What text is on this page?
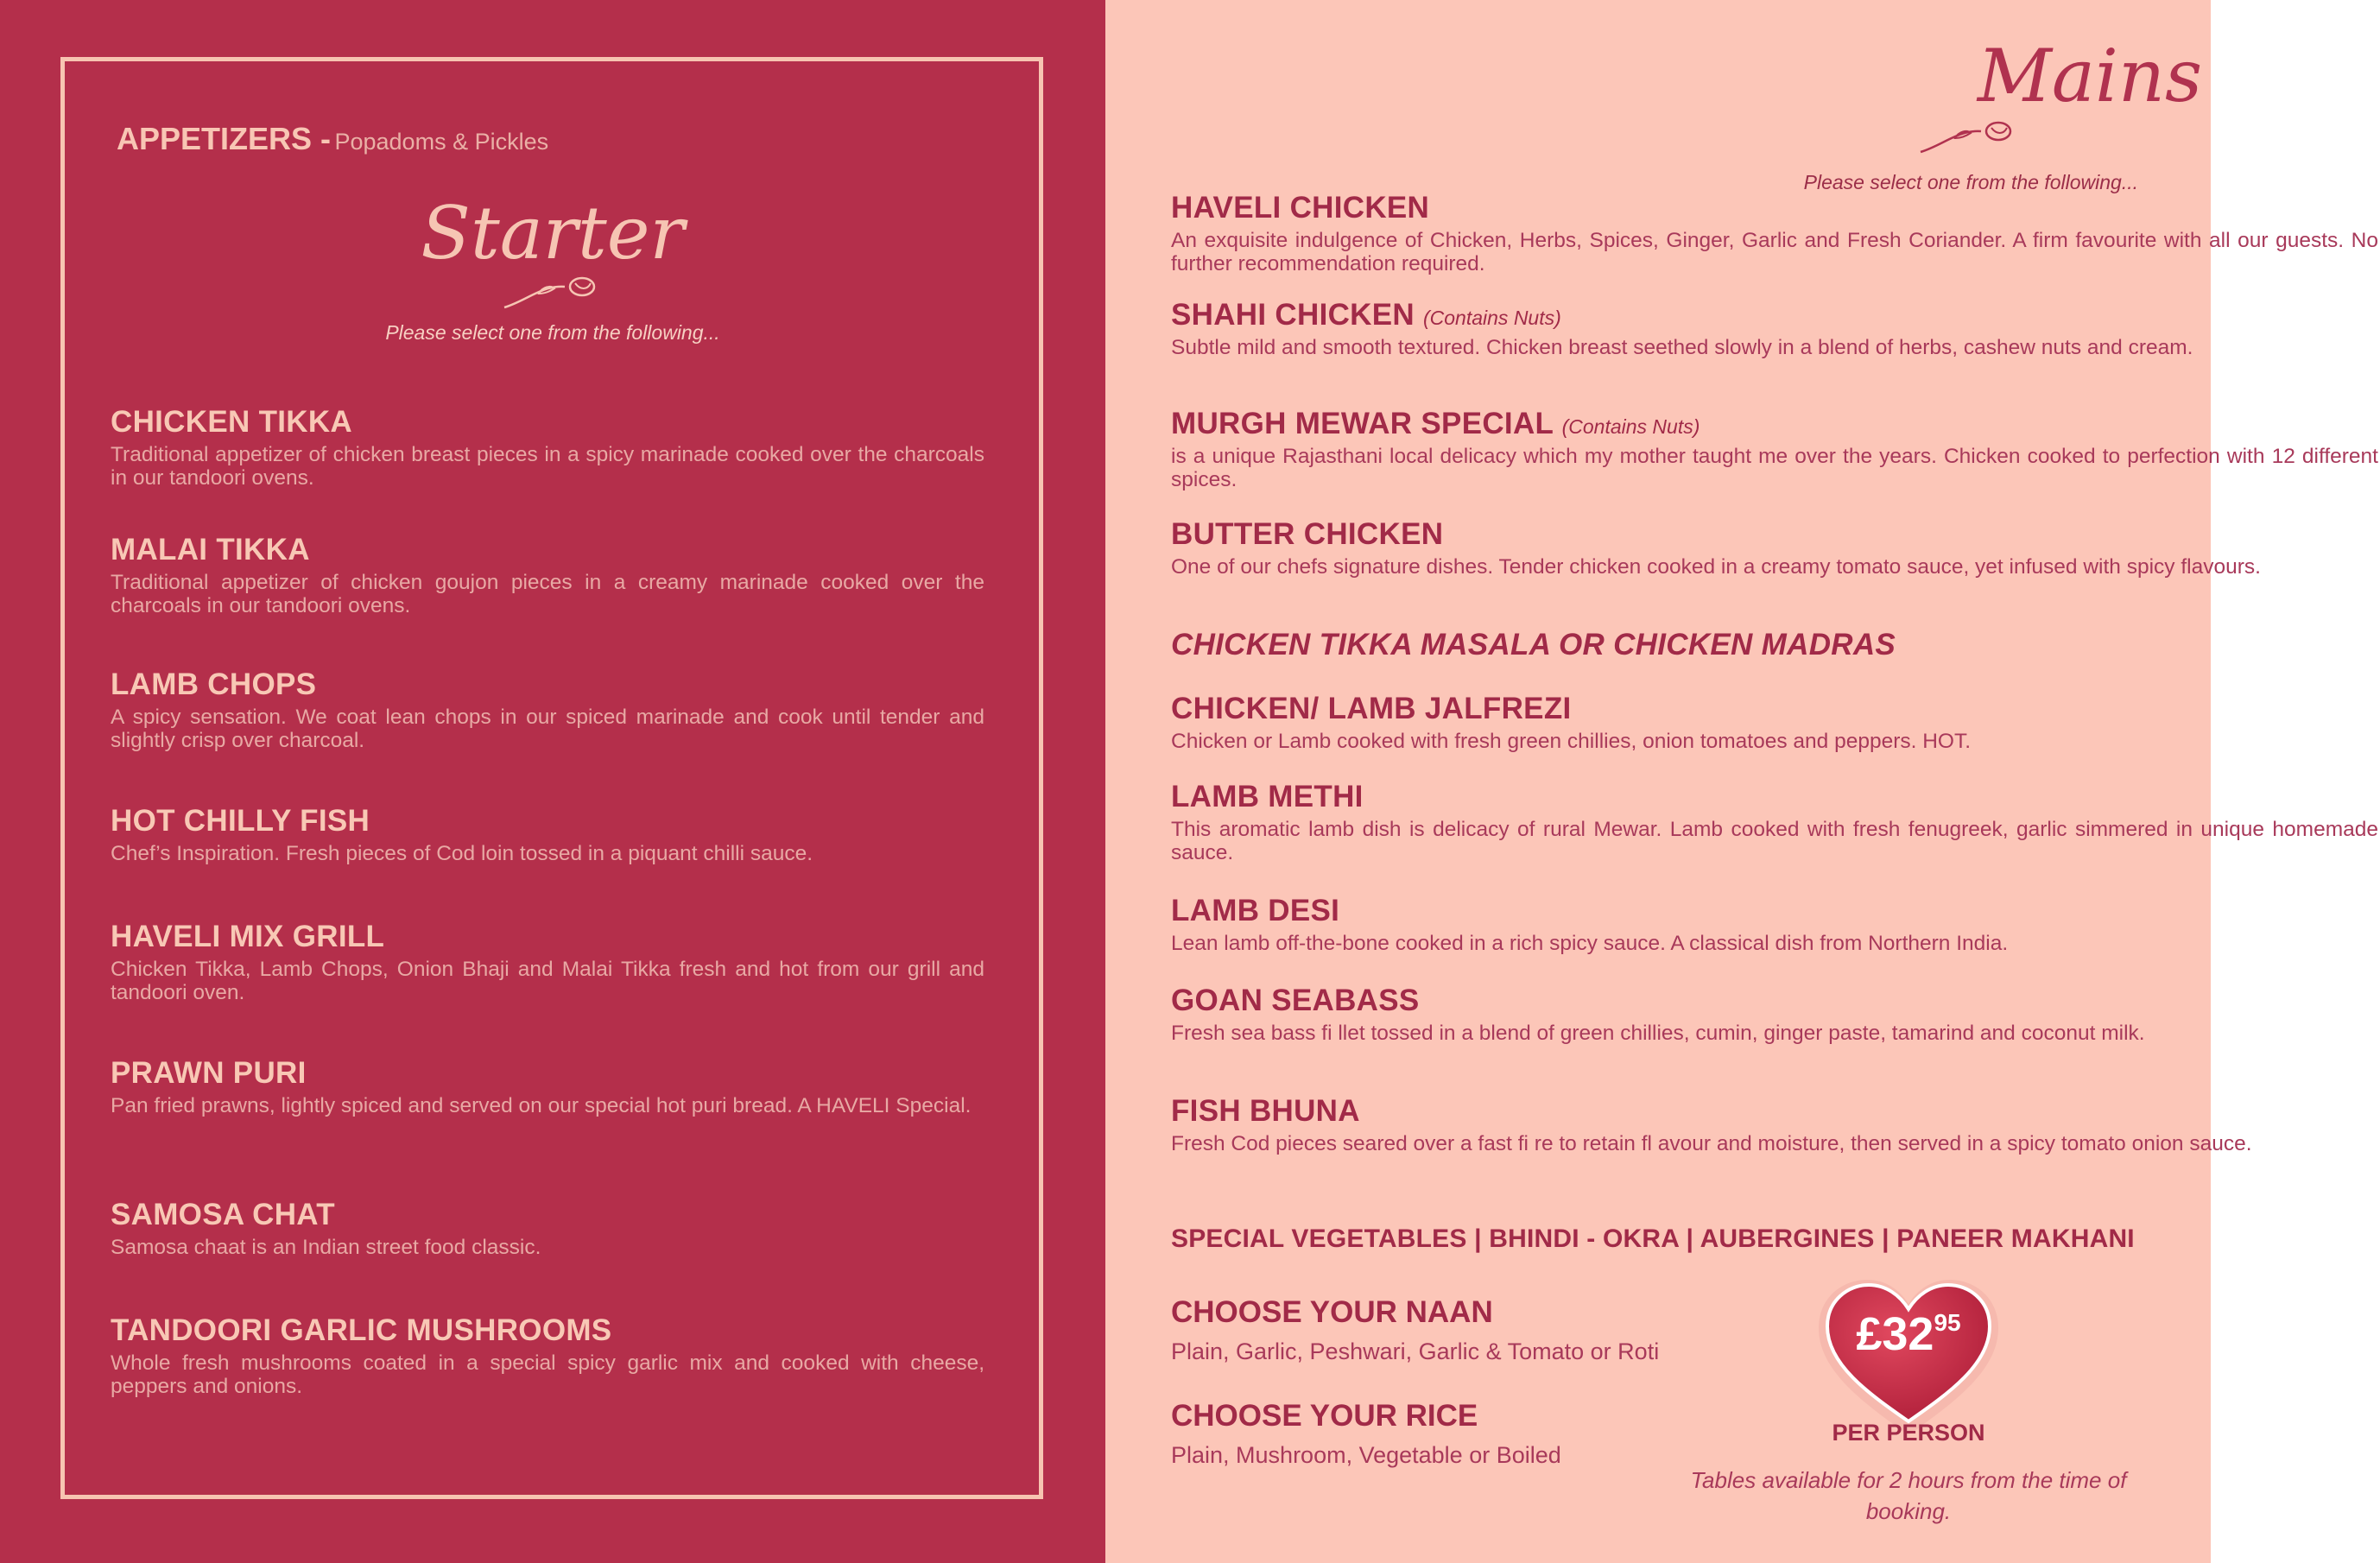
APPETIZERS - Popadoms & Pickles
Starter
Please select one from the following...
CHICKEN TIKKA

Traditional appetizer of chicken breast pieces in a spicy marinade cooked over the charcoals in our tandoori ovens.

MALAI TIKKA

Traditional appetizer of chicken goujon pieces in a creamy marinade cooked over the charcoals in our tandoori ovens.

LAMB CHOPS

A spicy sensation. We coat lean chops in our spiced marinade and cook until tender and slightly crisp over charcoal.

HOT CHILLY FISH

Chef’s Inspiration. Fresh pieces of Cod loin tossed in a piquant chilli sauce.

HAVELI MIX GRILL

Chicken Tikka, Lamb Chops, Onion Bhaji and Malai Tikka fresh and hot from our grill and tandoori oven.

PRAWN PURI

Pan fried prawns, lightly spiced and served on our special hot puri bread. A HAVELI Special.

SAMOSA CHAT

Samosa chaat is an Indian street food classic.

TANDOORI GARLIC MUSHROOMS

Whole fresh mushrooms coated in a special spicy garlic mix and cooked with cheese, peppers and onions.

Mains
Please select one from the following...
HAVELI CHICKEN

An exquisite indulgence of Chicken, Herbs, Spices, Ginger, Garlic and Fresh Coriander. A firm favourite with all our guests. No further recommendation required.

SHAHI CHICKEN (Contains Nuts)

Subtle mild and smooth textured. Chicken breast seethed slowly in a blend of herbs, cashew nuts and cream.

MURGH MEWAR SPECIAL (Contains Nuts)

is a unique Rajasthani local delicacy which my mother taught me over the years. Chicken cooked to perfection with 12 different spices.

BUTTER CHICKEN

One of our chefs signature dishes. Tender chicken cooked in a creamy tomato sauce, yet infused with spicy flavours.

CHICKEN TIKKA MASALA OR CHICKEN MADRAS
CHICKEN/ LAMB JALFREZI

Chicken or Lamb cooked with fresh green chillies, onion tomatoes and peppers. HOT.

LAMB METHI

This aromatic lamb dish is delicacy of rural Mewar. Lamb cooked with fresh fenugreek, garlic simmered in unique homemade sauce.

LAMB DESI

Lean lamb off-the-bone cooked in a rich spicy sauce. A classical dish from Northern India.

GOAN SEABASS

Fresh sea bass fi llet tossed in a blend of green chillies, cumin, ginger paste, tamarind and coconut milk.

FISH BHUNA

Fresh Cod pieces seared over a fast fi re to retain fl avour and moisture, then served in a spicy tomato onion sauce.

SPECIAL VEGETABLES | BHINDI - OKRA | AUBERGINES | PANEER MAKHANI
CHOOSE YOUR NAAN

Plain, Garlic, Peshwari, Garlic & Tomato or Roti

CHOOSE YOUR RICE

Plain, Mushroom, Vegetable or Boiled

£3295
PER PERSON
Tables available for 2 hours from the time of booking.
